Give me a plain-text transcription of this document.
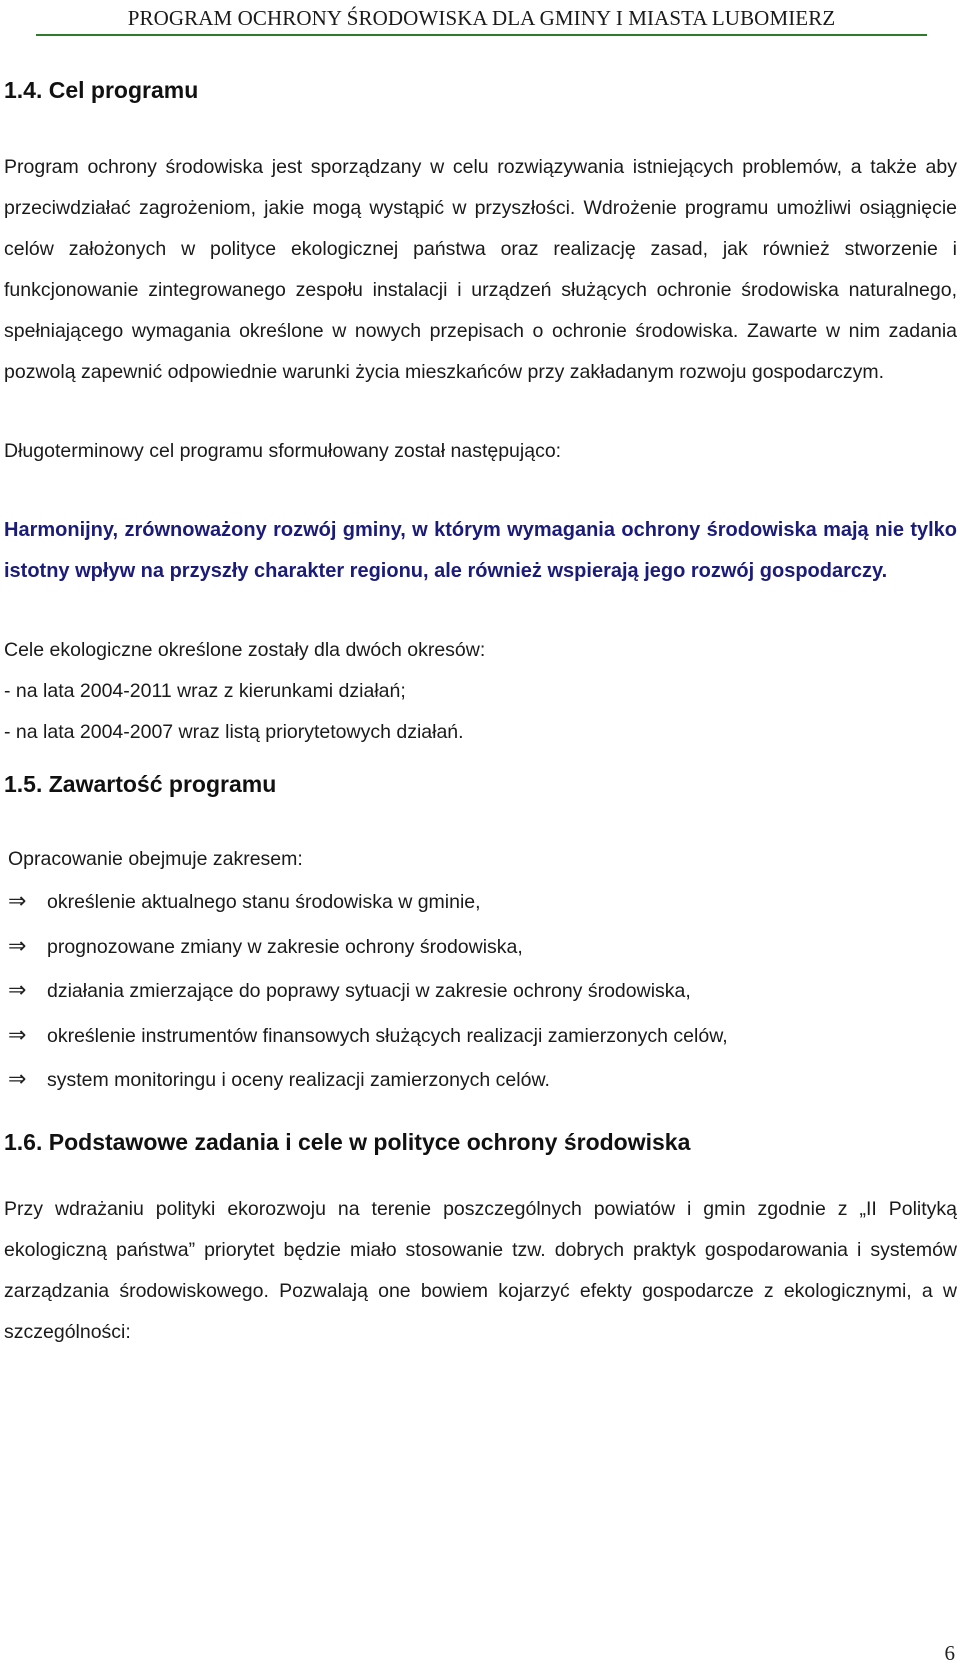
PROGRAM OCHRONY ŚRODOWISKA DLA GMINY I MIASTA LUBOMIERZ
1.4. Cel programu

Program ochrony środowiska jest sporządzany w celu rozwiązywania istniejących problemów, a także aby przeciwdziałać zagrożeniom, jakie mogą wystąpić w przyszłości. Wdrożenie programu umożliwi osiągnięcie celów założonych w polityce ekologicznej państwa oraz realizację zasad, jak również stworzenie i funkcjonowanie zintegrowanego zespołu instalacji i urządzeń służących ochronie środowiska naturalnego, spełniającego wymagania określone w nowych przepisach o ochronie środowiska. Zawarte w nim zadania pozwolą zapewnić odpowiednie warunki życia mieszkańców przy zakładanym rozwoju gospodarczym.

Długoterminowy cel programu sformułowany został następująco:

Harmonijny, zrównoważony rozwój gminy, w którym wymagania ochrony środowiska mają nie tylko istotny wpływ na przyszły charakter regionu, ale również wspierają jego rozwój gospodarczy.

Cele ekologiczne określone zostały dla dwóch okresów:

- na lata 2004-2011 wraz z kierunkami działań;

- na lata 2004-2007 wraz listą priorytetowych działań.

1.5. Zawartość programu

Opracowanie obejmuje zakresem:

⇒ określenie aktualnego stanu środowiska w gminie,
⇒ prognozowane zmiany w zakresie ochrony środowiska,
⇒ działania zmierzające do poprawy sytuacji w zakresie ochrony środowiska,
⇒ określenie instrumentów finansowych służących realizacji zamierzonych celów,
⇒ system monitoringu i oceny realizacji zamierzonych celów.
1.6. Podstawowe zadania i cele w polityce ochrony środowiska

Przy wdrażaniu polityki ekorozwoju na terenie poszczególnych powiatów i gmin zgodnie z „II Polityką ekologiczną państwa” priorytet będzie miało stosowanie tzw. dobrych praktyk gospodarowania i systemów zarządzania środowiskowego. Pozwalają one bowiem kojarzyć efekty gospodarcze z ekologicznymi, a w szczególności:

6
